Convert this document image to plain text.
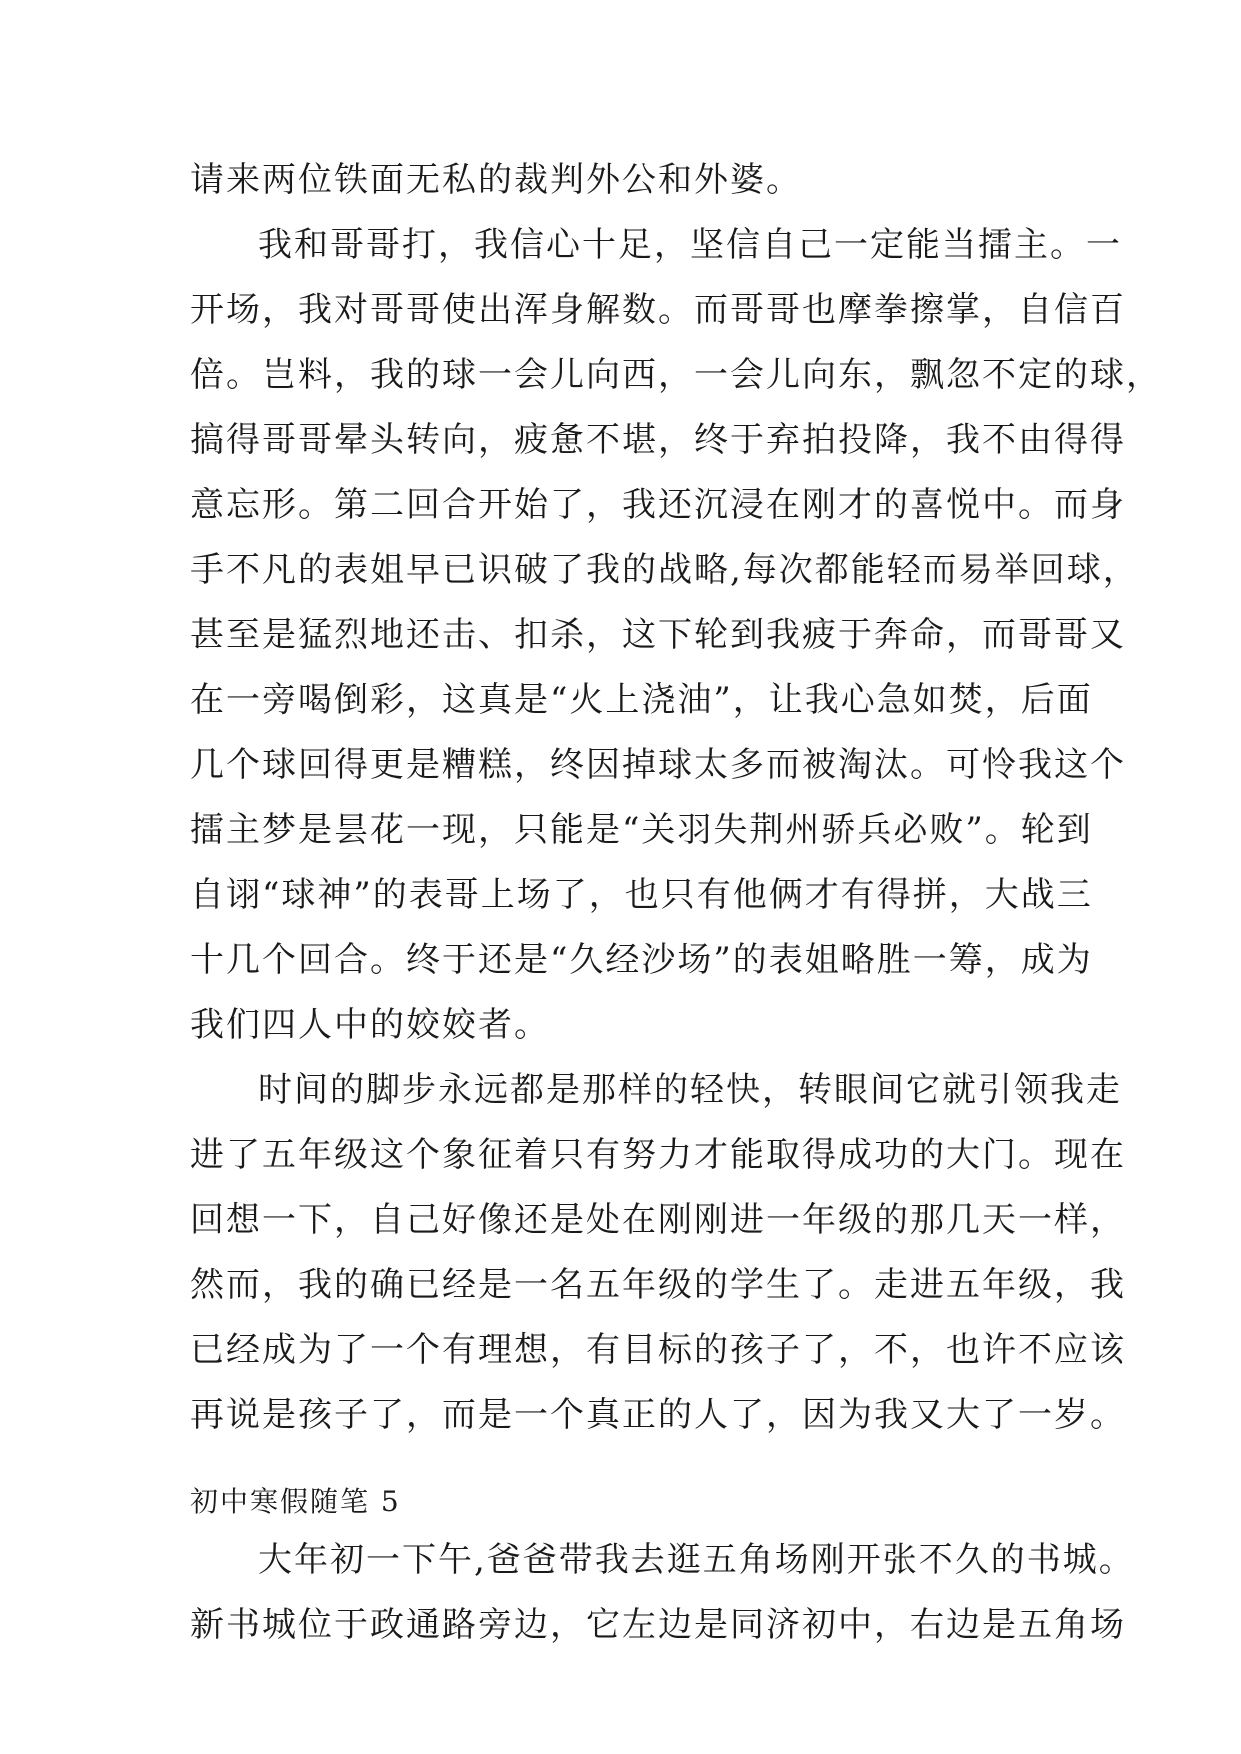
请来两位铁面无私的裁判外公和外婆。
我和哥哥打，我信心十足，坚信自己一定能当擂主。一
开场，我对哥哥使出浑身解数。而哥哥也摩拳擦掌，自信百
倍。岂料，我的球一会儿向西，一会儿向东，飘忽不定的球，
搞得哥哥晕头转向，疲惫不堪，终于弃拍投降，我不由得得
意忘形。第二回合开始了，我还沉浸在刚才的喜悦中。而身
手不凡的表姐早已识破了我的战略,每次都能轻而易举回球，
甚至是猛烈地还击、扣杀，这下轮到我疲于奔命，而哥哥又
在一旁喝倒彩，这真是“火上浇油”，让我心急如焚，后面
几个球回得更是糟糕，终因掉球太多而被淘汰。可怜我这个
擂主梦是昙花一现，只能是“关羽失荆州骄兵必败”。轮到
自诩“球神”的表哥上场了，也只有他俩才有得拼，大战三
十几个回合。终于还是“久经沙场”的表姐略胜一筹，成为
我们四人中的姣姣者。
时间的脚步永远都是那样的轻快，转眼间它就引领我走
进了五年级这个象征着只有努力才能取得成功的大门。现在
回想一下，自己好像还是处在刚刚进一年级的那几天一样，
然而，我的确已经是一名五年级的学生了。走进五年级，我
已经成为了一个有理想，有目标的孩子了，不，也许不应该
再说是孩子了，而是一个真正的人了，因为我又大了一岁。
初中寒假随笔 5
大年初一下午,爸爸带我去逛五角场刚开张不久的书城。
新书城位于政通路旁边，它左边是同济初中，右边是五角场
